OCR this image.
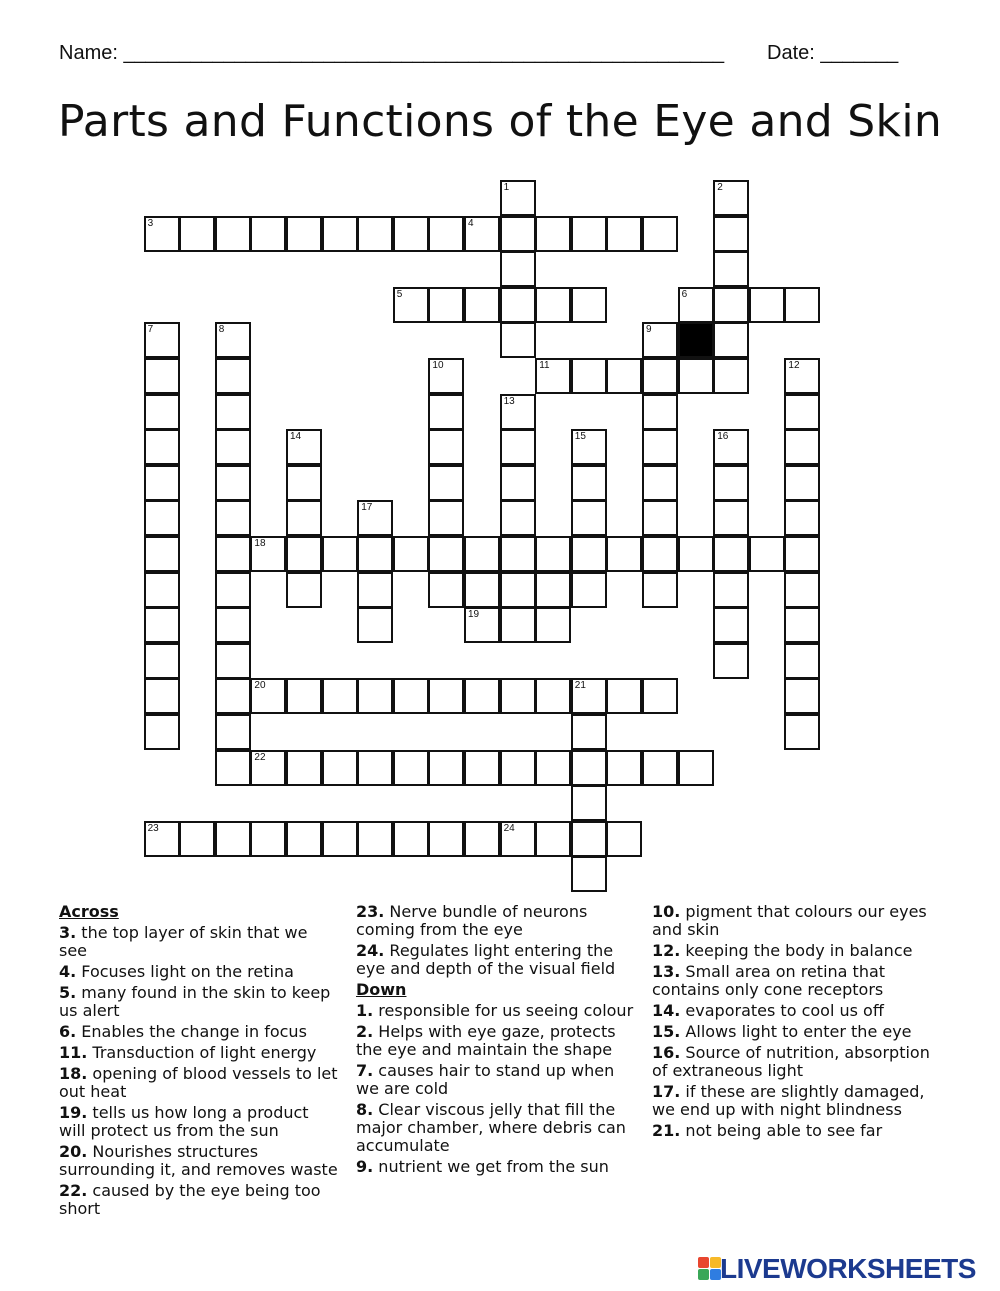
Name: ______________________________________________________ Date: _______
Parts and Functions of the Eye and Skin
1	2
3	4
5	6
7	8	9
10	11	12
13
14	15	16
17
18
19
20	21
22
23	24
Across
3. the top layer of skin that we see
4. Focuses light on the retina
5. many found in the skin to keep us alert
6. Enables the change in focus
11. Transduction of light energy
18. opening of blood vessels to let out heat
19. tells us how long a product will protect us from the sun
20. Nourishes structures surrounding it, and removes waste
22. caused by the eye being too short
23. Nerve bundle of neurons coming from the eye
24. Regulates light entering the eye and depth of the visual field
Down
1. responsible for us seeing colour
2. Helps with eye gaze, protects the eye and maintain the shape
7. causes hair to stand up when we are cold
8. Clear viscous jelly that fill the major chamber, where debris can accumulate
9. nutrient we get from the sun
10. pigment that colours our eyes and skin
12. keeping the body in balance
13. Small area on retina that contains only cone receptors
14. evaporates to cool us off
15. Allows light to enter the eye
16. Source of nutrition, absorption of extraneous light
17. if these are slightly damaged, we end up with night blindness
21. not being able to see far
LIVEWORKSHEETS
